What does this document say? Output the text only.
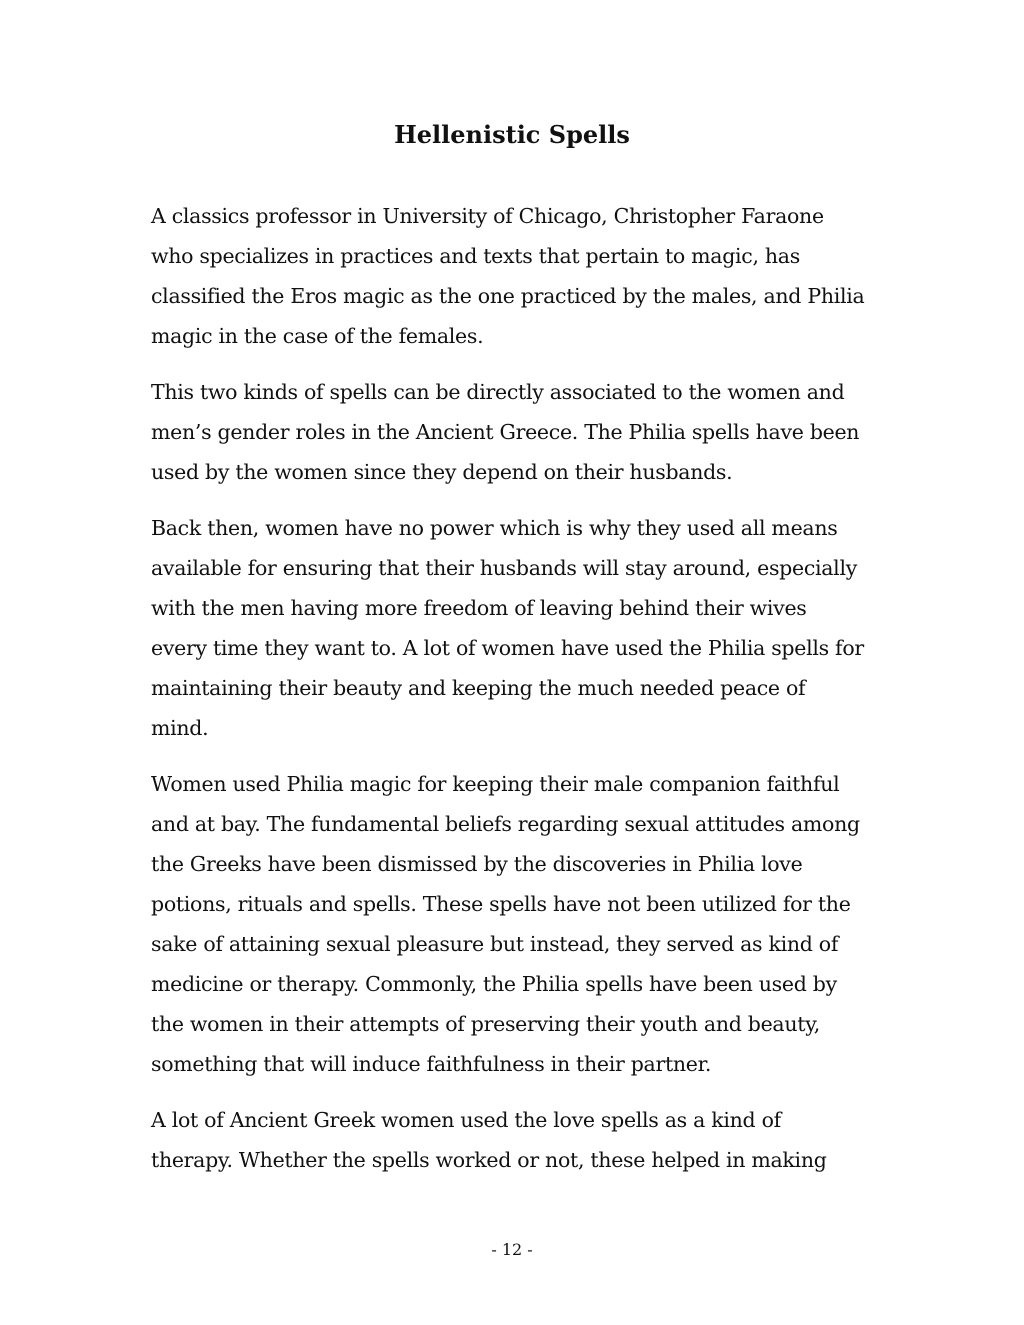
Hellenistic Spells

A classics professor in University of Chicago, Christopher Faraone
who specializes in practices and texts that pertain to magic, has
classified the Eros magic as the one practiced by the males, and Philia
magic in the case of the females.

This two kinds of spells can be directly associated to the women and
men’s gender roles in the Ancient Greece. The Philia spells have been
used by the women since they depend on their husbands.

Back then, women have no power which is why they used all means
available for ensuring that their husbands will stay around, especially
with the men having more freedom of leaving behind their wives
every time they want to. A lot of women have used the Philia spells for
maintaining their beauty and keeping the much needed peace of
mind.

Women used Philia magic for keeping their male companion faithful
and at bay. The fundamental beliefs regarding sexual attitudes among
the Greeks have been dismissed by the discoveries in Philia love
potions, rituals and spells. These spells have not been utilized for the
sake of attaining sexual pleasure but instead, they served as kind of
medicine or therapy. Commonly, the Philia spells have been used by
the women in their attempts of preserving their youth and beauty,
something that will induce faithfulness in their partner.

A lot of Ancient Greek women used the love spells as a kind of
therapy. Whether the spells worked or not, these helped in making

- 12 -
